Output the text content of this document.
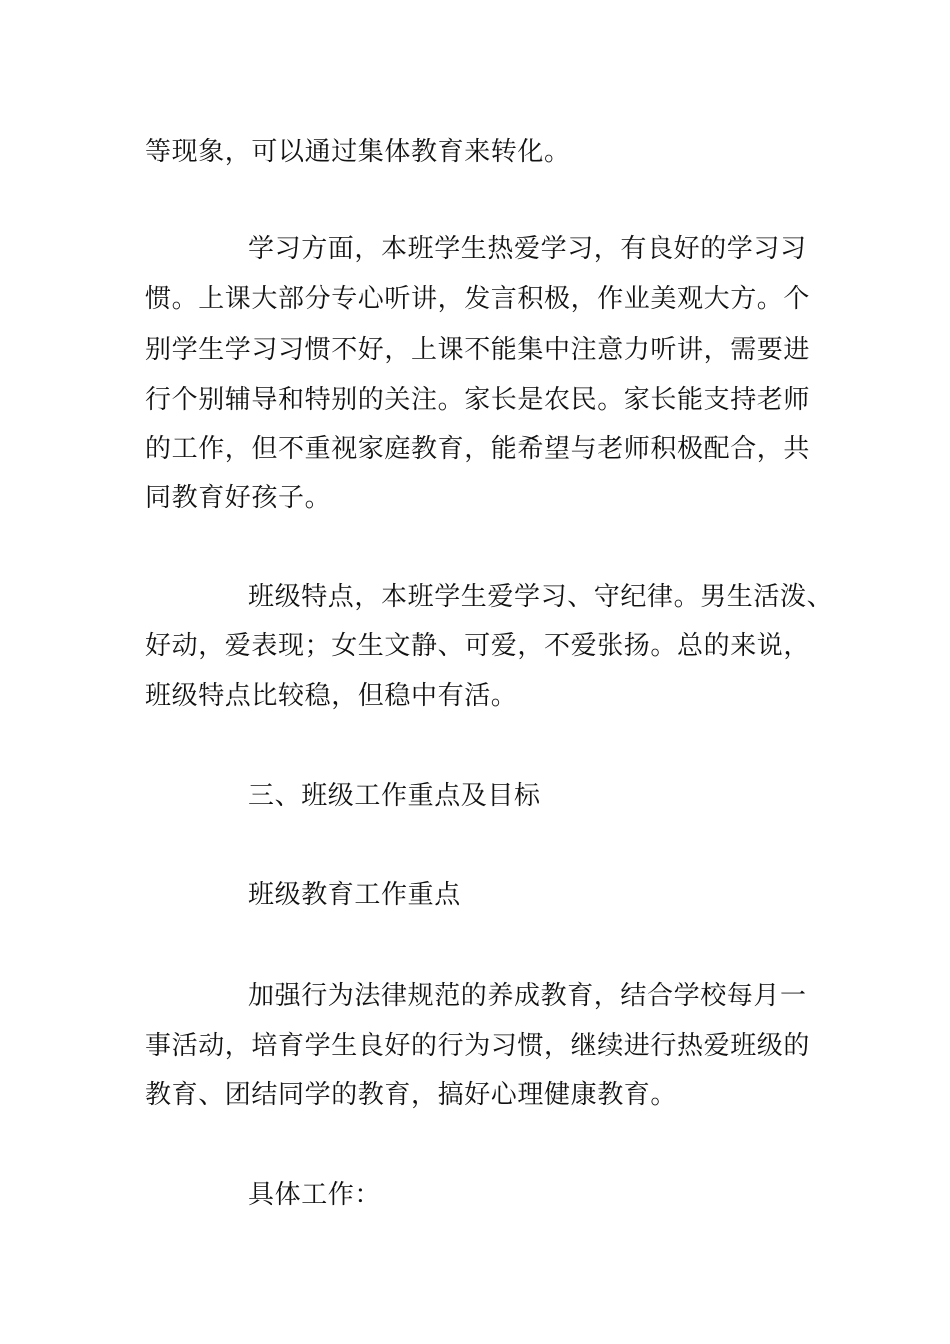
等现象，可以通过集体教育来转化。
学习方面，本班学生热爱学习，有良好的学习习
惯。上课大部分专心听讲，发言积极，作业美观大方。个
别学生学习习惯不好，上课不能集中注意力听讲，需要进
行个别辅导和特别的关注。家长是农民。家长能支持老师
的工作，但不重视家庭教育，能希望与老师积极配合，共
同教育好孩子。
班级特点，本班学生爱学习、守纪律。男生活泼、
好动，爱表现；女生文静、可爱，不爱张扬。总的来说，
班级特点比较稳，但稳中有活。
三、班级工作重点及目标
班级教育工作重点
加强行为法律规范的养成教育，结合学校每月一
事活动，培育学生良好的行为习惯，继续进行热爱班级的
教育、团结同学的教育，搞好心理健康教育。
具体工作：
